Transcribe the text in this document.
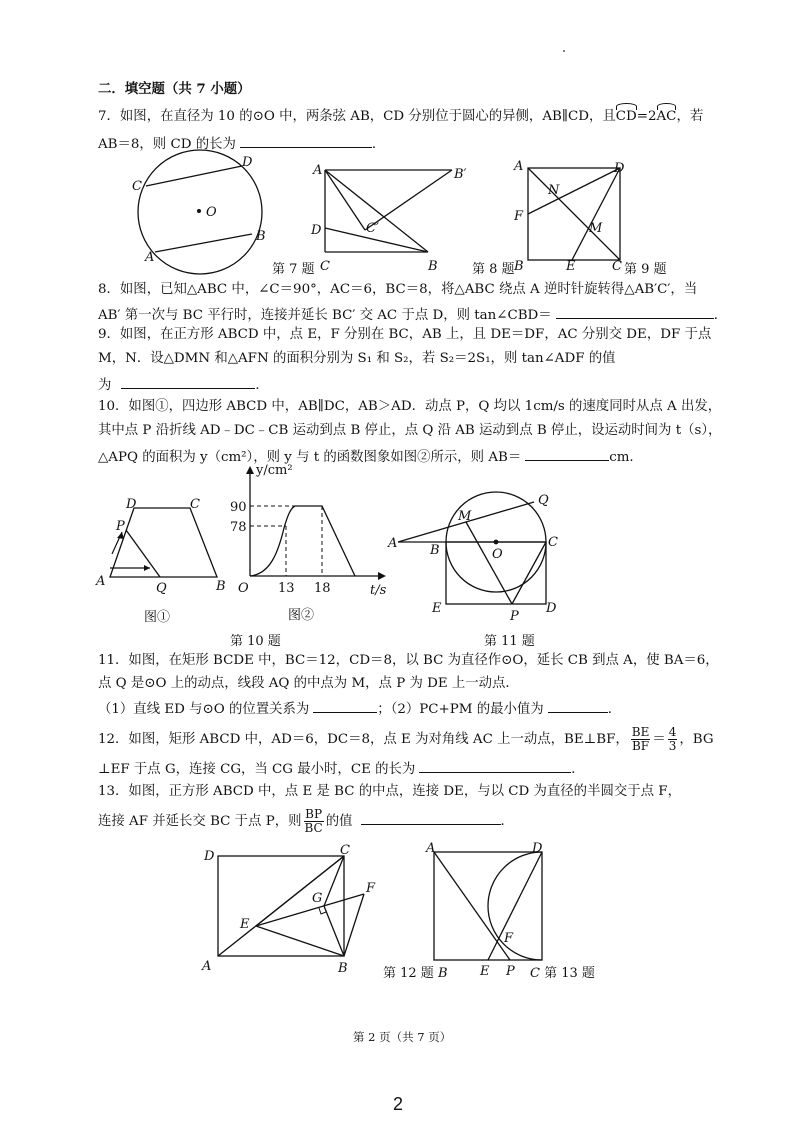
二．填空题（共 7 小题）
7．如图，在直径为 10 的⊙O 中，两条弦 AB，CD 分别位于圆心的异侧，AB∥CD，且CD=2AC，若
AB＝8，则 CD 的长为	．
C
D
O
A
B
第 7 题
A	B′
C′
D
C	B	第 8 题
A	D
N
F
M
B	E	C 第 9 题
8．如图，已知△ABC 中，∠C＝90°，AC＝6，BC＝8，将△ABC 绕点 A 逆时针旋转得△AB′C′，当
AB′ 第一次与 BC 平行时，连接并延长 BC′ 交 AC 于点 D，则 tan∠CBD＝	．
9．如图，在正方形 ABCD 中，点 E，F 分别在 BC，AB 上，且 DE＝DF，AC 分别交 DE，DF 于点
M，N．设△DMN 和△AFN 的面积分别为 S₁ 和 S₂，若 S₂＝2S₁，则 tan∠ADF 的值
为	．
10．如图①，四边形 ABCD 中，AB∥DC，AB＞AD．动点 P，Q 均以 1cm/s 的速度同时从点 A 出发，
其中点 P 沿折线 AD﹣DC﹣CB 运动到点 B 停止，点 Q 沿 AB 运动到点 B 停止，设运动时间为 t（s），
△APQ 的面积为 y（cm²），则 y 与 t 的函数图象如图②所示，则 AB＝	cm．
D	C
P
A	Q	B
图①
y/cm²
90
78
O 13 18	t/s
图②
第 10 题
Q
M
A	B	O
C
E
P
D
第 11 题
11．如图，在矩形 BCDE 中，BC＝12，CD＝8，以 BC 为直径作⊙O，延长 CB 到点 A，使 BA＝6，
点 Q 是⊙O 上的动点，线段 AQ 的中点为 M，点 P 为 DE 上一动点．
（1）直线 ED 与⊙O 的位置关系为	；（2）PC+PM 的最小值为	．
12．如图，矩形 ABCD 中，AD＝6，DC＝8，点 E 为对角线 AC 上一动点，BE⊥BF， $\frac{BE}{BF} = \frac{4}{3}$ ，BG
⊥EF 于点 G，连接 CG，当 CG 最小时，CE 的长为	．
13．如图，正方形 ABCD 中，点 E 是 BC 的中点，连接 DE，与以 CD 为直径的半圆交于点 F，
连接 AF 并延长交 BC 于点 P，则 $\frac{BP}{BC}$ 的值	．
D	C
G
F
E
A	B
A	D
F
E P
第 12 题 B	C 第 13 题
第 2 页（共 7 页）
2
